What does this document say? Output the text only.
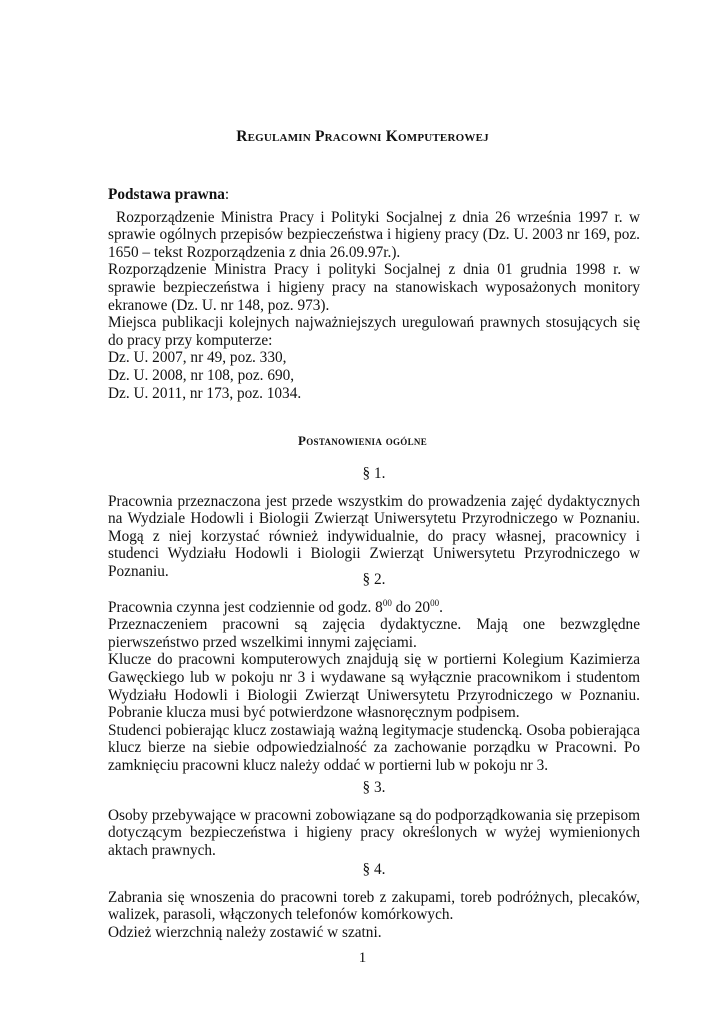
Regulamin Pracowni Komputerowej
Podstawa prawna:

Rozporządzenie Ministra Pracy i Polityki Socjalnej z dnia 26 września 1997 r. w sprawie ogólnych przepisów bezpieczeństwa i higieny pracy (Dz. U. 2003 nr 169, poz. 1650 – tekst Rozporządzenia z dnia 26.09.97r.).

Rozporządzenie Ministra Pracy i polityki Socjalnej z dnia 01 grudnia 1998 r. w sprawie bezpieczeństwa i higieny pracy na stanowiskach wyposażonych monitory ekranowe (Dz. U. nr 148, poz. 973).

Miejsca publikacji kolejnych najważniejszych uregulowań prawnych stosujących się do pracy przy komputerze:

Dz. U. 2007, nr 49, poz. 330,

Dz. U. 2008, nr 108, poz. 690,

Dz. U. 2011, nr 173, poz. 1034.

Postanowienia ogólne
§ 1.

Pracownia przeznaczona jest przede wszystkim do prowadzenia zajęć dydaktycznych na Wydziale Hodowli i Biologii Zwierząt Uniwersytetu Przyrodniczego w Poznaniu. Mogą z niej korzystać również indywidualnie, do pracy własnej, pracownicy i studenci Wydziału Hodowli i Biologii Zwierząt Uniwersytetu Przyrodniczego w Poznaniu.	§ 2.

Pracownia czynna jest codziennie od godz. $8^{00}$ do $20^{00}$.

Przeznaczeniem pracowni są zajęcia dydaktyczne. Mają one bezwzględne pierwszeństwo przed wszelkimi innymi zajęciami.

Klucze do pracowni komputerowych znajdują się w portierni Kolegium Kazimierza Gawęckiego lub w pokoju nr 3 i wydawane są wyłącznie pracownikom i studentom Wydziału Hodowli i Biologii Zwierząt Uniwersytetu Przyrodniczego w Poznaniu. Pobranie klucza musi być potwierdzone własnoręcznym podpisem.

Studenci pobierając klucz zostawiają ważną legitymacje studencką. Osoba pobierająca klucz bierze na siebie odpowiedzialność za zachowanie porządku w Pracowni. Po zamknięciu pracowni klucz należy oddać w portierni lub w pokoju nr 3.

§ 3.

Osoby przebywające w pracowni zobowiązane są do podporządkowania się przepisom dotyczącym bezpieczeństwa i higieny pracy określonych w wyżej wymienionych aktach prawnych.

§ 4.

Zabrania się wnoszenia do pracowni toreb z zakupami, toreb podróżnych, plecaków, walizek, parasoli, włączonych telefonów komórkowych.

Odzież wierzchnią należy zostawić w szatni.

1
